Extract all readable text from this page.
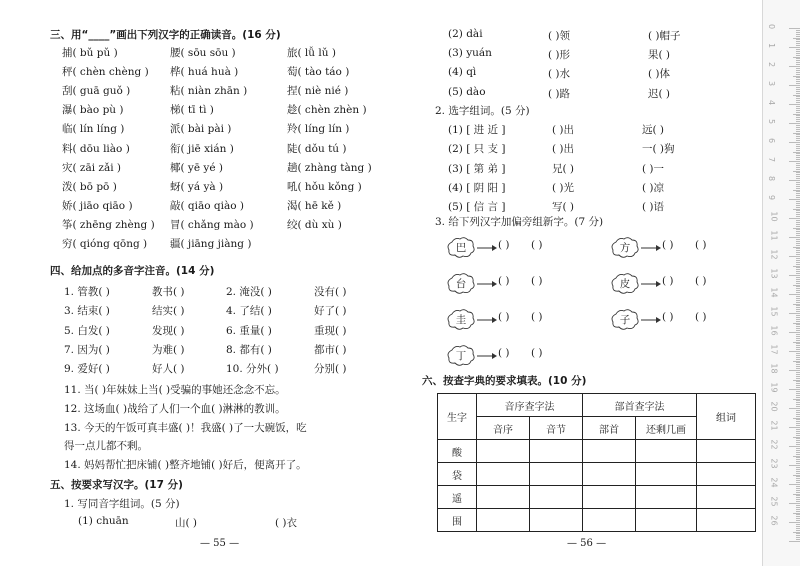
三、用“____”画出下列汉字的正确读音。(16 分)
四、给加点的多音字注音。(14 分)
11. 当( )年妹妹上当( )受骗的事她还念念不忘。
12. 这场血( )战给了人们一个血( )淋淋的教训。
13. 今天的午饭可真丰盛( )！我盛( )了一大碗饭，吃
得一点儿都不剩。
14. 妈妈帮忙把床铺( )整齐地铺( )好后，便离开了。
五、按要求写汉字。(17 分)
1. 写同音字组词。(5 分)
(1) chuān	山( )	( )衣
— 55 —
2. 选字组词。(5 分)
3. 给下列汉字加偏旁组新字。(7 分)
六、按查字典的要求填表。(10 分)
生字	音序查字法		部首查字法		组词
	音序	音节	部首	还剩几画	
酸					
袋					
遥					
围					
— 56 —
0
1
2
3
4
5
6
7
8
9
10
11
12
13
14
15
16
17
18
19
20
21
22
23
24
25
26
捕( bǔ pǔ )	腰( sōu sōu )	旅( lǚ lǔ )
秤( chèn chèng ) 桦( huá huà )	萄( tào táo )
刮( guā guǒ )	粘( niàn zhān )	捏( niè nié )
瀑( bào pù )	梯( tī tì )	趁( chèn zhèn )
临( lín líng )	派( bài pài )	羚( líng lín )
料( dōu liào )	衔( jiē xián )	陡( dǒu tú )
灾( zāi zǎi )	椰( yē yé )	趟( zhàng tàng )
泼( bō pō )	蚜( yá yà )	吼( hǒu kǒng )
娇( jiāo qiāo )	敲( qiāo qiào )	渴( hē kě )
筝( zhēng zhèng ) 冒( chǎng mào )	绞( dù xù )
穷( qióng qōng ) 疆( jiāng jiàng )
1. 管教( )	教书( )	2. 淹没( )	没有( )
3. 结束( )	结实( )	4. 了结( )	好了( )
5. 白发( )	发现( )	6. 重量( )	重现( )
7. 因为( )	为难( )	8. 都有( )	都市( )
9. 爱好( )	好人( )	10. 分外( )	分别( )
(2) dài	( )领	( )帽子
(3) yuán	( )形	果( )
(4) qì	( )水	( )体
(5) dào	( )路	迟( )
(1) [ 进 近 ]	( )出	远( )
(2) [ 只 支 ]	( )出	一( )狗
(3) [ 第 弟 ]	兄( )	( )一
(4) [ 阴 阳 ]	( )光	( )凉
(5) [ 信 言 ]	写( )	( )语
巴	( ) ( )	方	( ) ( )
台	( ) ( )	皮	( ) ( )
圭	( ) ( )	子	( ) ( )
丁	( ) ( )
